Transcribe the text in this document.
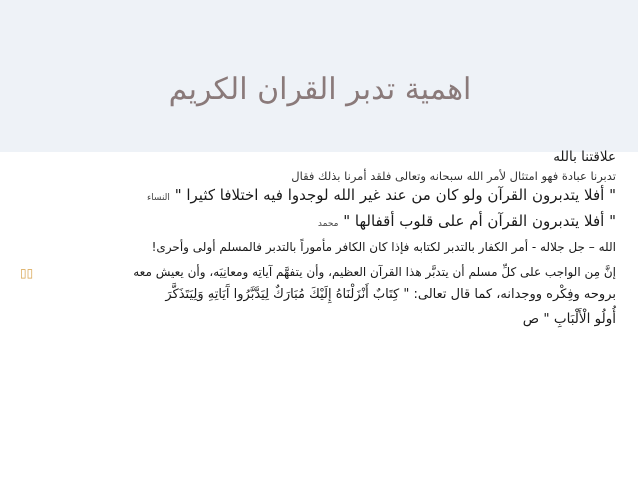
اهمية تدبر القران الكريم
علاقتنا بالله
تدبرنا عبادة فهو امتثال لأمر الله سبحانه وتعالى فلقد أمرنا بذلك فقال
" أفلا يتدبرون القرآن ولو كان من عند غير الله لوجدوا فيه اختلافا كثيرا " النساء
" أفلا يتدبرون القرآن أم على قلوب أقفالها " محمد
الله – جل جلاله - أمر الكفار بالتدبر لكتابه فإذا كان الكافر مأموراً بالتدبر فالمسلم أولى وأحرى!
▯▯	إنَّ مِن الواجب على كلِّ مسلم أن يتدبَّر هذا القرآن العظيم، وأن يتفهَّم آياتِه ومعانِيَه، وأن يعيش معه
بروحه وفِكْره ووجدانه، كما قال تعالى: " كِتَابٌ أَنْزَلْنَاهُ إِلَيْكَ مُبَارَكٌ لِيَدَّبَّرُوا آَيَاتِهِ وَلِيَتَذَكَّرَ
أُولُو الْأَلْبَابِ " ص
